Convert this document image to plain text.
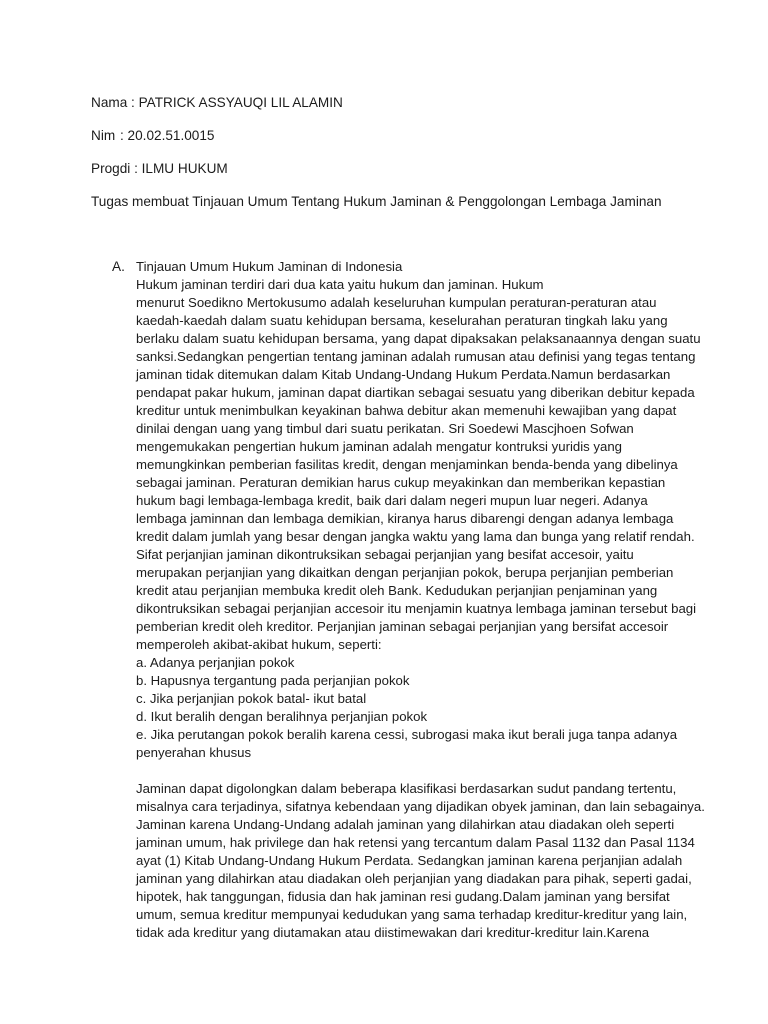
Nama : PATRICK ASSYAUQI LIL ALAMIN
Nim : 20.02.51.0015
Progdi : ILMU HUKUM
Tugas membuat Tinjauan Umum Tentang Hukum Jaminan & Penggolongan Lembaga Jaminan
A. Tinjauan Umum Hukum Jaminan di Indonesia
Hukum jaminan terdiri dari dua kata yaitu hukum dan jaminan. Hukum
menurut Soedikno Mertokusumo adalah keseluruhan kumpulan peraturan-peraturan atau
kaedah-kaedah dalam suatu kehidupan bersama, keselurahan peraturan tingkah laku yang
berlaku dalam suatu kehidupan bersama, yang dapat dipaksakan pelaksanaannya dengan suatu
sanksi.Sedangkan pengertian tentang jaminan adalah rumusan atau definisi yang tegas tentang
jaminan tidak ditemukan dalam Kitab Undang-Undang Hukum Perdata.Namun berdasarkan
pendapat pakar hukum, jaminan dapat diartikan sebagai sesuatu yang diberikan debitur kepada
kreditur untuk menimbulkan keyakinan bahwa debitur akan memenuhi kewajiban yang dapat
dinilai dengan uang yang timbul dari suatu perikatan. Sri Soedewi Mascjhoen Sofwan
mengemukakan pengertian hukum jaminan adalah mengatur kontruksi yuridis yang
memungkinkan pemberian fasilitas kredit, dengan menjaminkan benda-benda yang dibelinya
sebagai jaminan. Peraturan demikian harus cukup meyakinkan dan memberikan kepastian
hukum bagi lembaga-lembaga kredit, baik dari dalam negeri mupun luar negeri. Adanya
lembaga jaminnan dan lembaga demikian, kiranya harus dibarengi dengan adanya lembaga
kredit dalam jumlah yang besar dengan jangka waktu yang lama dan bunga yang relatif rendah.
Sifat perjanjian jaminan dikontruksikan sebagai perjanjian yang besifat accesoir, yaitu
merupakan perjanjian yang dikaitkan dengan perjanjian pokok, berupa perjanjian pemberian
kredit atau perjanjian membuka kredit oleh Bank. Kedudukan perjanjian penjaminan yang
dikontruksikan sebagai perjanjian accesoir itu menjamin kuatnya lembaga jaminan tersebut bagi
pemberian kredit oleh kreditor. Perjanjian jaminan sebagai perjanjian yang bersifat accesoir
memperoleh akibat-akibat hukum, seperti:
a. Adanya perjanjian pokok
b. Hapusnya tergantung pada perjanjian pokok
c. Jika perjanjian pokok batal- ikut batal
d. Ikut beralih dengan beralihnya perjanjian pokok
e. Jika perutangan pokok beralih karena cessi, subrogasi maka ikut berali juga tanpa adanya
penyerahan khusus
Jaminan dapat digolongkan dalam beberapa klasifikasi berdasarkan sudut pandang tertentu,
misalnya cara terjadinya, sifatnya kebendaan yang dijadikan obyek jaminan, dan lain sebagainya.
Jaminan karena Undang-Undang adalah jaminan yang dilahirkan atau diadakan oleh seperti
jaminan umum, hak privilege dan hak retensi yang tercantum dalam Pasal 1132 dan Pasal 1134
ayat (1) Kitab Undang-Undang Hukum Perdata. Sedangkan jaminan karena perjanjian adalah
jaminan yang dilahirkan atau diadakan oleh perjanjian yang diadakan para pihak, seperti gadai,
hipotek, hak tanggungan, fidusia dan hak jaminan resi gudang.Dalam jaminan yang bersifat
umum, semua kreditur mempunyai kedudukan yang sama terhadap kreditur-kreditur yang lain,
tidak ada kreditur yang diutamakan atau diistimewakan dari kreditur-kreditur lain.Karena
